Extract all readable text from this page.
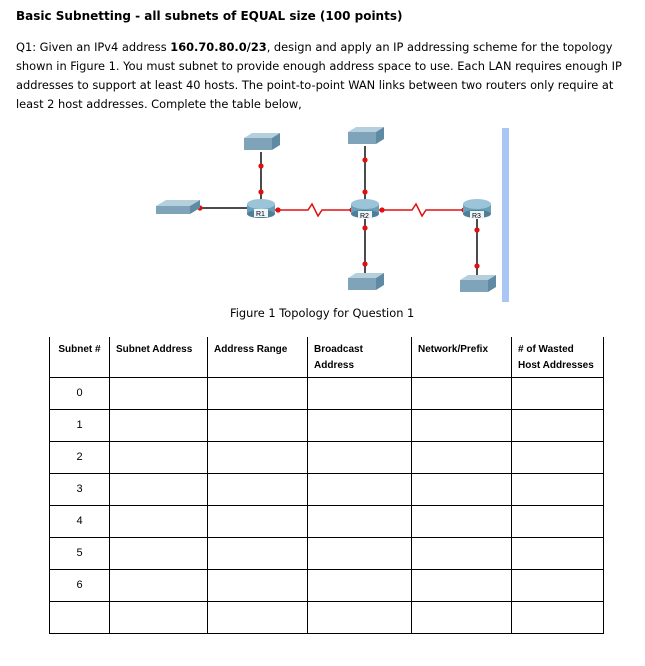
Basic Subnetting - all subnets of EQUAL size (100 points)
Q1: Given an IPv4 address 160.70.80.0/23, design and apply an IP addressing scheme for the topology shown in Figure 1. You must subnet to provide enough address space to use. Each LAN requires enough IP addresses to support at least 40 hosts. The point-to-point WAN links between two routers only require at least 2 host addresses. Complete the table below,
R1	R2	R3
Figure 1 Topology for Question 1
Subnet #	Subnet Address	Address Range	Broadcast Address	Network/Prefix	# of Wasted Host Addresses
0					
1					
2					
3					
4					
5					
6					
